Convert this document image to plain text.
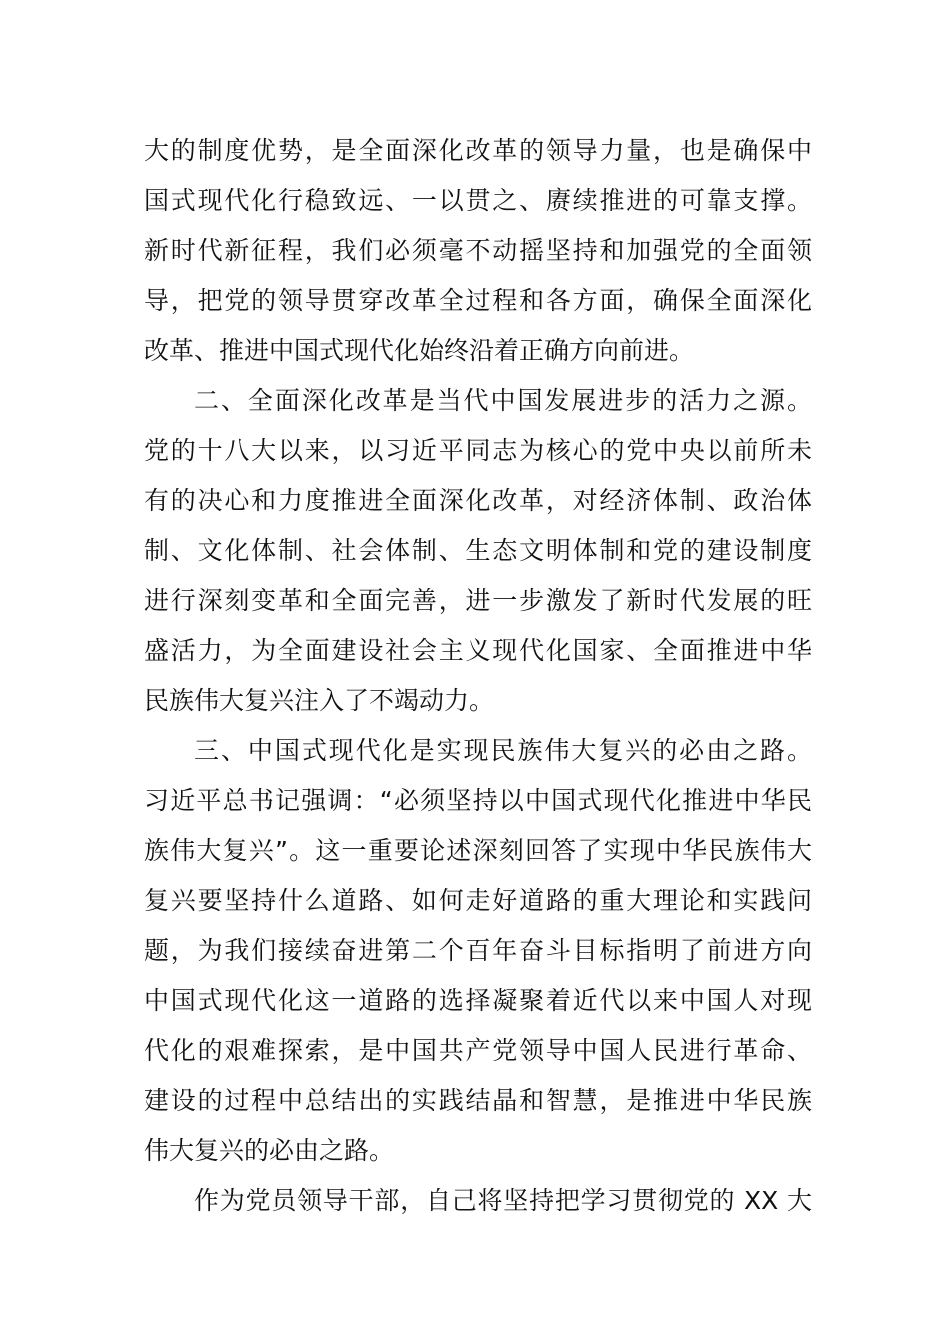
大的制度优势，是全面深化改革的领导力量，也是确保中
国式现代化行稳致远、一以贯之、赓续推进的可靠支撑。
新时代新征程，我们必须毫不动摇坚持和加强党的全面领
导，把党的领导贯穿改革全过程和各方面，确保全面深化
改革、推进中国式现代化始终沿着正确方向前进。
二、全面深化改革是当代中国发展进步的活力之源。
党的十八大以来，以习近平同志为核心的党中央以前所未
有的决心和力度推进全面深化改革，对经济体制、政治体
制、文化体制、社会体制、生态文明体制和党的建设制度
进行深刻变革和全面完善，进一步激发了新时代发展的旺
盛活力，为全面建设社会主义现代化国家、全面推进中华
民族伟大复兴注入了不竭动力。
三、中国式现代化是实现民族伟大复兴的必由之路。
习近平总书记强调：“必须坚持以中国式现代化推进中华民
族伟大复兴”。这一重要论述深刻回答了实现中华民族伟大
复兴要坚持什么道路、如何走好道路的重大理论和实践问
题，为我们接续奋进第二个百年奋斗目标指明了前进方向
中国式现代化这一道路的选择凝聚着近代以来中国人对现
代化的艰难探索，是中国共产党领导中国人民进行革命、
建设的过程中总结出的实践结晶和智慧，是推进中华民族
伟大复兴的必由之路。
作为党员领导干部，自己将坚持把学习贯彻党的 XX 大
